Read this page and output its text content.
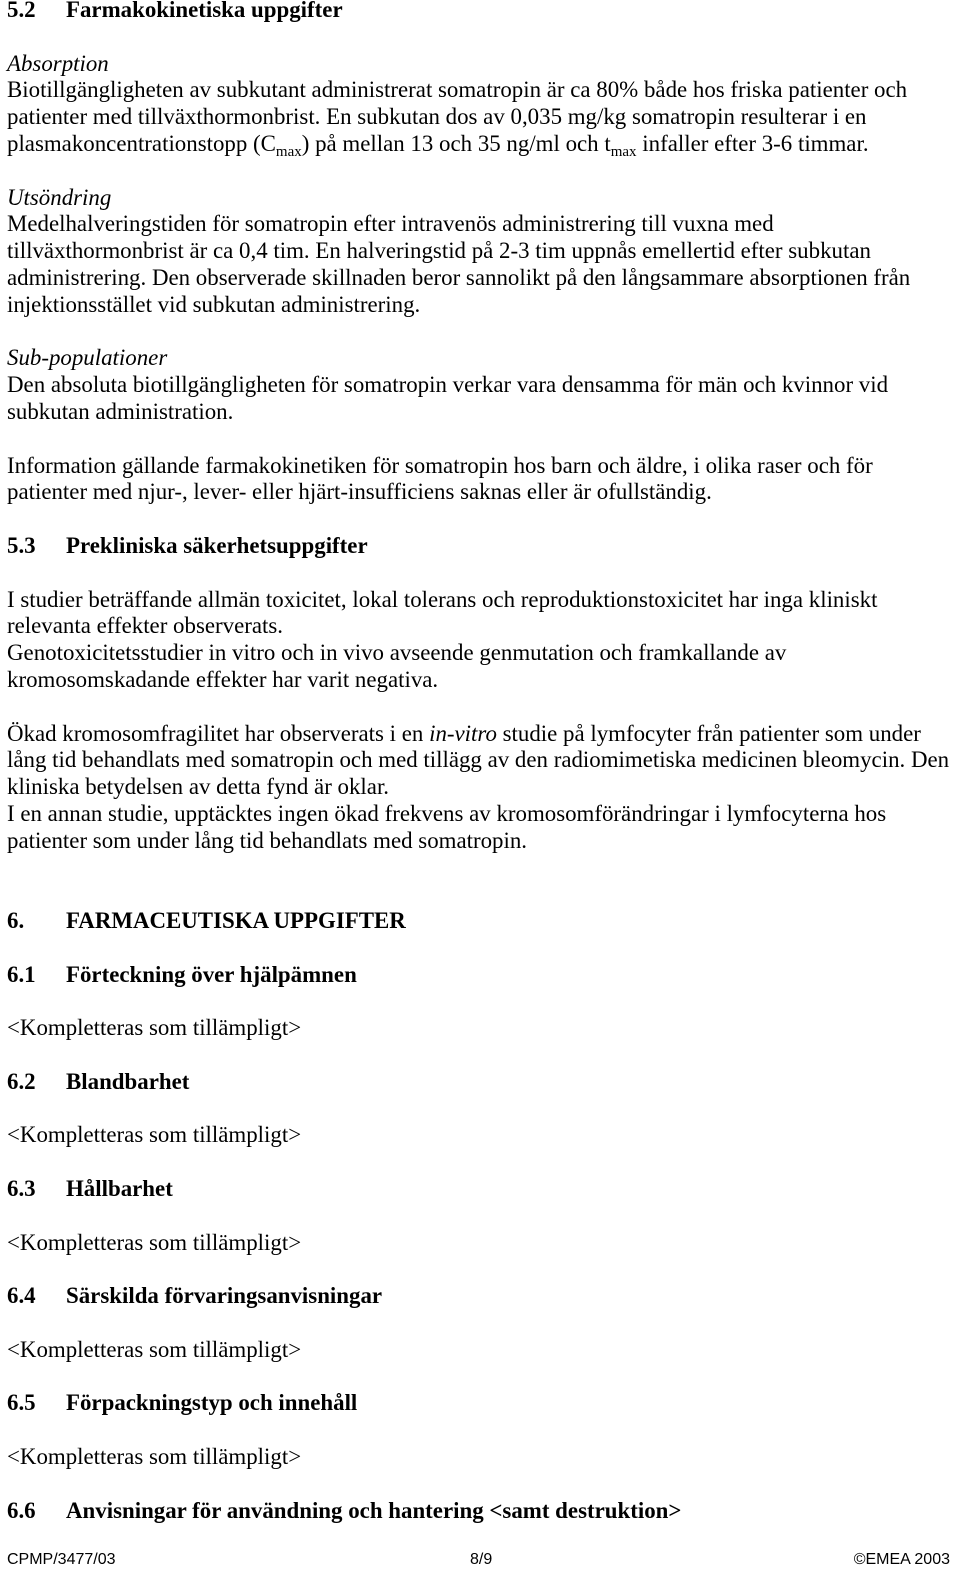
5.2 Farmakokinetiska uppgifter
Absorption
Biotillgängligheten av subkutant administrerat somatropin är ca 80% både hos friska patienter och
patienter med tillväxthormonbrist. En subkutan dos av 0,035 mg/kg somatropin resulterar i en
plasmakoncentrationstopp $(C_{max})$ på mellan 13 och 35 ng/ml och $t_{max}$ infaller efter 3-6 timmar.
Utsöndring
Medelhalveringstiden för somatropin efter intravenös administrering till vuxna med
tillväxthormonbrist är ca 0,4 tim. En halveringstid på 2-3 tim uppnås emellertid efter subkutan
administrering. Den observerade skillnaden beror sannolikt på den långsammare absorptionen från
injektionsstället vid subkutan administrering.
Sub-populationer
Den absoluta biotillgängligheten för somatropin verkar vara densamma för män och kvinnor vid
subkutan administration.
Information gällande farmakokinetiken för somatropin hos barn och äldre, i olika raser och för
patienter med njur-, lever- eller hjärt-insufficiens saknas eller är ofullständig.
5.3 Prekliniska säkerhetsuppgifter
I studier beträffande allmän toxicitet, lokal tolerans och reproduktionstoxicitet har inga kliniskt
relevanta effekter observerats.
Genotoxicitetsstudier in vitro och in vivo avseende genmutation och framkallande av
kromosomskadande effekter har varit negativa.
Ökad kromosomfragilitet har observerats i en in-vitro studie på lymfocyter från patienter som under
lång tid behandlats med somatropin och med tillägg av den radiomimetiska medicinen bleomycin. Den
kliniska betydelsen av detta fynd är oklar.
I en annan studie, upptäcktes ingen ökad frekvens av kromosomförändringar i lymfocyterna hos
patienter som under lång tid behandlats med somatropin.
6. FARMACEUTISKA UPPGIFTER
6.1 Förteckning över hjälpämnen
<Kompletteras som tillämpligt>
6.2 Blandbarhet
<Kompletteras som tillämpligt>
6.3 Hållbarhet
<Kompletteras som tillämpligt>
6.4 Särskilda förvaringsanvisningar
<Kompletteras som tillämpligt>
6.5 Förpackningstyp och innehåll
<Kompletteras som tillämpligt>
6.6 Anvisningar för användning och hantering <samt destruktion>
CPMP/3477/03	8/9	©EMEA 2003
